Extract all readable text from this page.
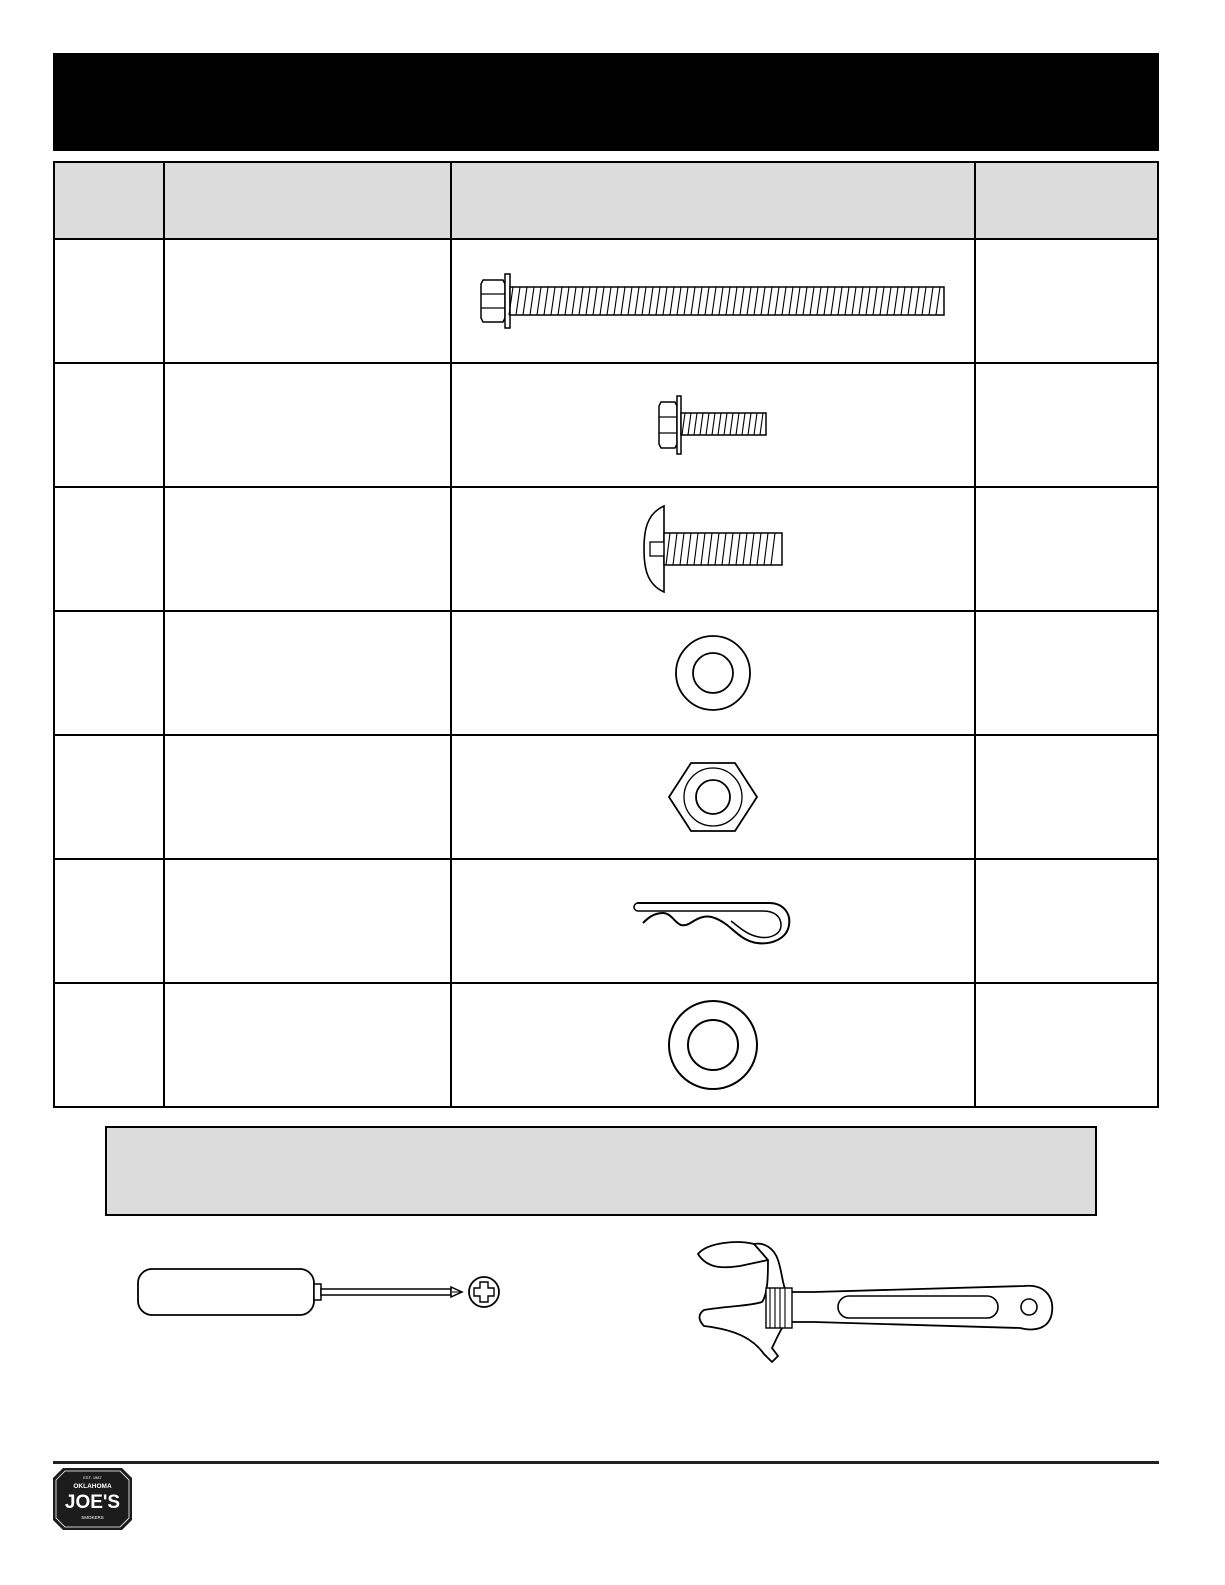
EST. 1987
OKLAHOMA
JOE'S
SMOKERS
